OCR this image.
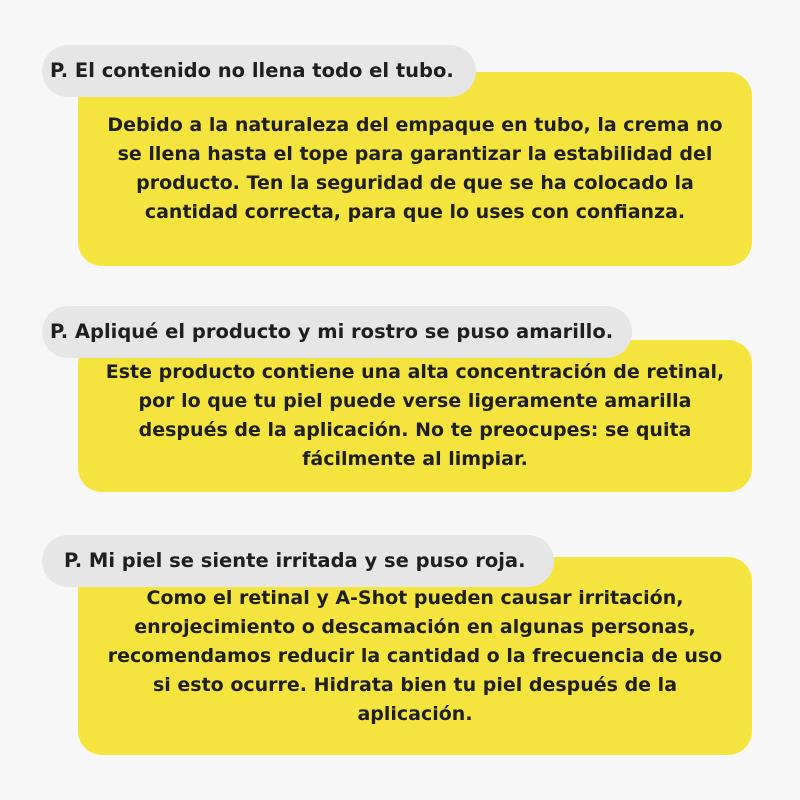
Debido a la naturaleza del empaque en tubo, la crema no se llena hasta el tope para garantizar la estabilidad del producto. Ten la seguridad de que se ha colocado la cantidad correcta, para que lo uses con confianza.
P. El contenido no llena todo el tubo.
Este producto contiene una alta concentración de retinal, por lo que tu piel puede verse ligeramente amarilla después de la aplicación. No te preocupes: se quita fácilmente al limpiar.
P. Apliqué el producto y mi rostro se puso amarillo.
Como el retinal y A-Shot pueden causar irritación, enrojecimiento o descamación en algunas personas, recomendamos reducir la cantidad o la frecuencia de uso si esto ocurre. Hidrata bien tu piel después de la aplicación.
P. Mi piel se siente irritada y se puso roja.
